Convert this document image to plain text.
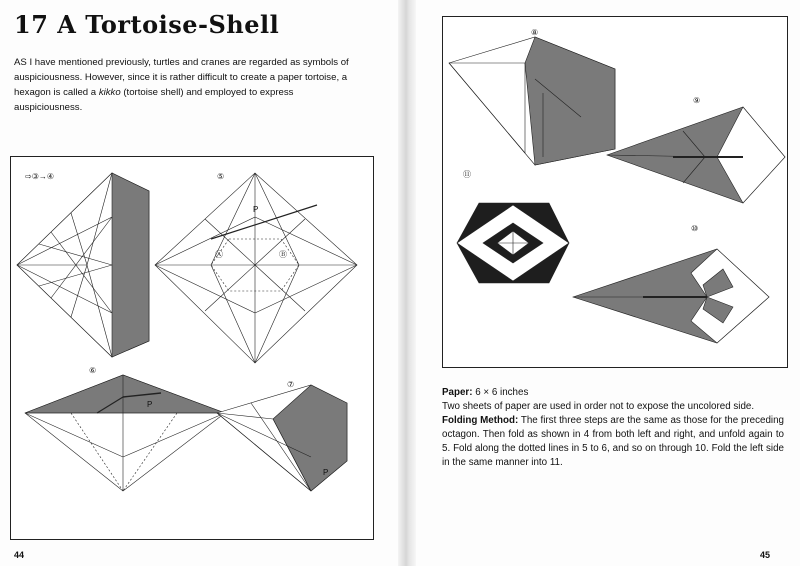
17 A Tortoise-Shell
AS I have mentioned previously, turtles and cranes are regarded as symbols of auspiciousness. However, since it is rather difficult to create a paper tortoise, a hexagon is called a kikko (tortoise shell) and employed to express auspiciousness.
⇨③→④	⑤
P
Ⓐ	Ⓑ
⑥
P
⑦
P
44
⑧
⑨
⑩
⑪
Paper: 6 × 6 inches
Two sheets of paper are used in order not to expose the uncolored side.
Folding Method: The first three steps are the same as those for the preceding octagon. Then fold as shown in 4 from both left and right, and unfold again to 5. Fold along the dotted lines in 5 to 6, and so on through 10. Fold the left side in the same manner into 11.
45
